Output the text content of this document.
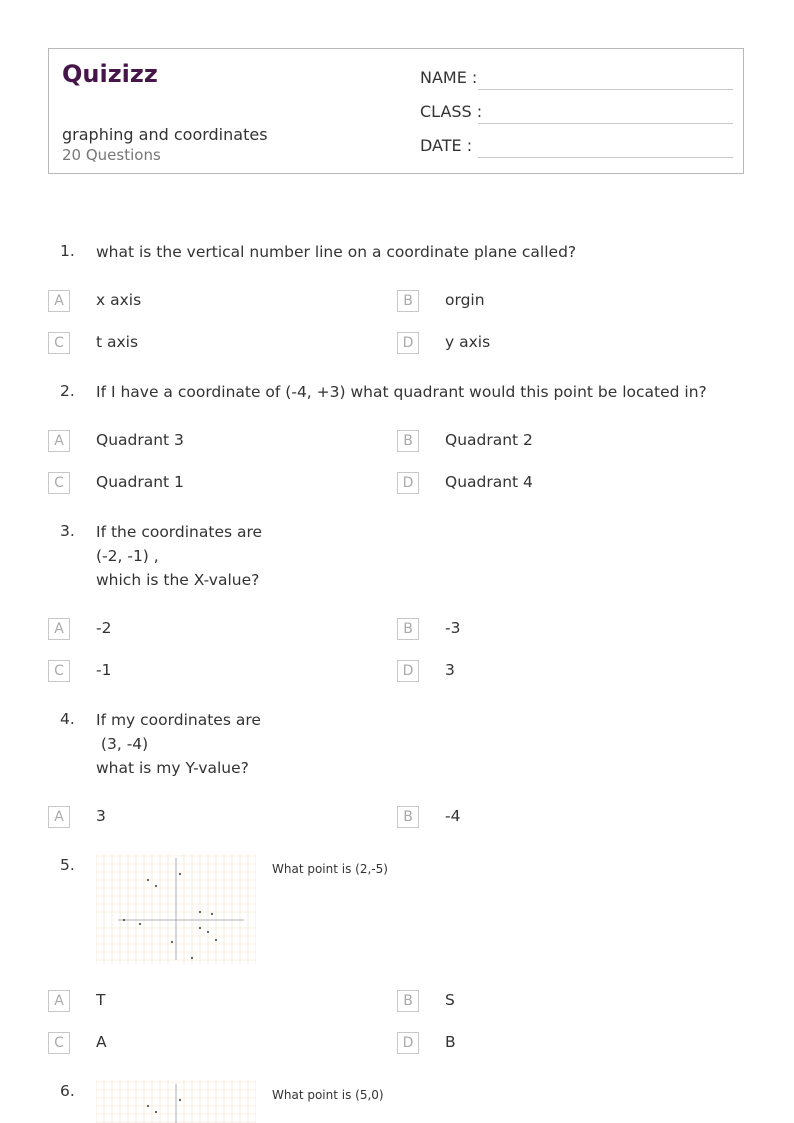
Quizizz
graphing and coordinates
20 Questions
NAME :
CLASS :
DATE :
1. what is the vertical number line on a coordinate plane called?
A	x axis	B	orgin
C	t axis	D	y axis
2. If I have a coordinate of (-4, +3) what quadrant would this point be located in?
A	Quadrant 3	B	Quadrant 2
C	Quadrant 1	D	Quadrant 4
3. If the coordinates are
(-2, -1) ,
which is the X-value?
A	-2	B	-3
C	-1	D	3
4. If my coordinates are
(3, -4)
what is my Y-value?
A	3	B	-4
5.	What point is (2,-5)
A	T	B	S
C	A	D	B
6.	What point is (5,0)
